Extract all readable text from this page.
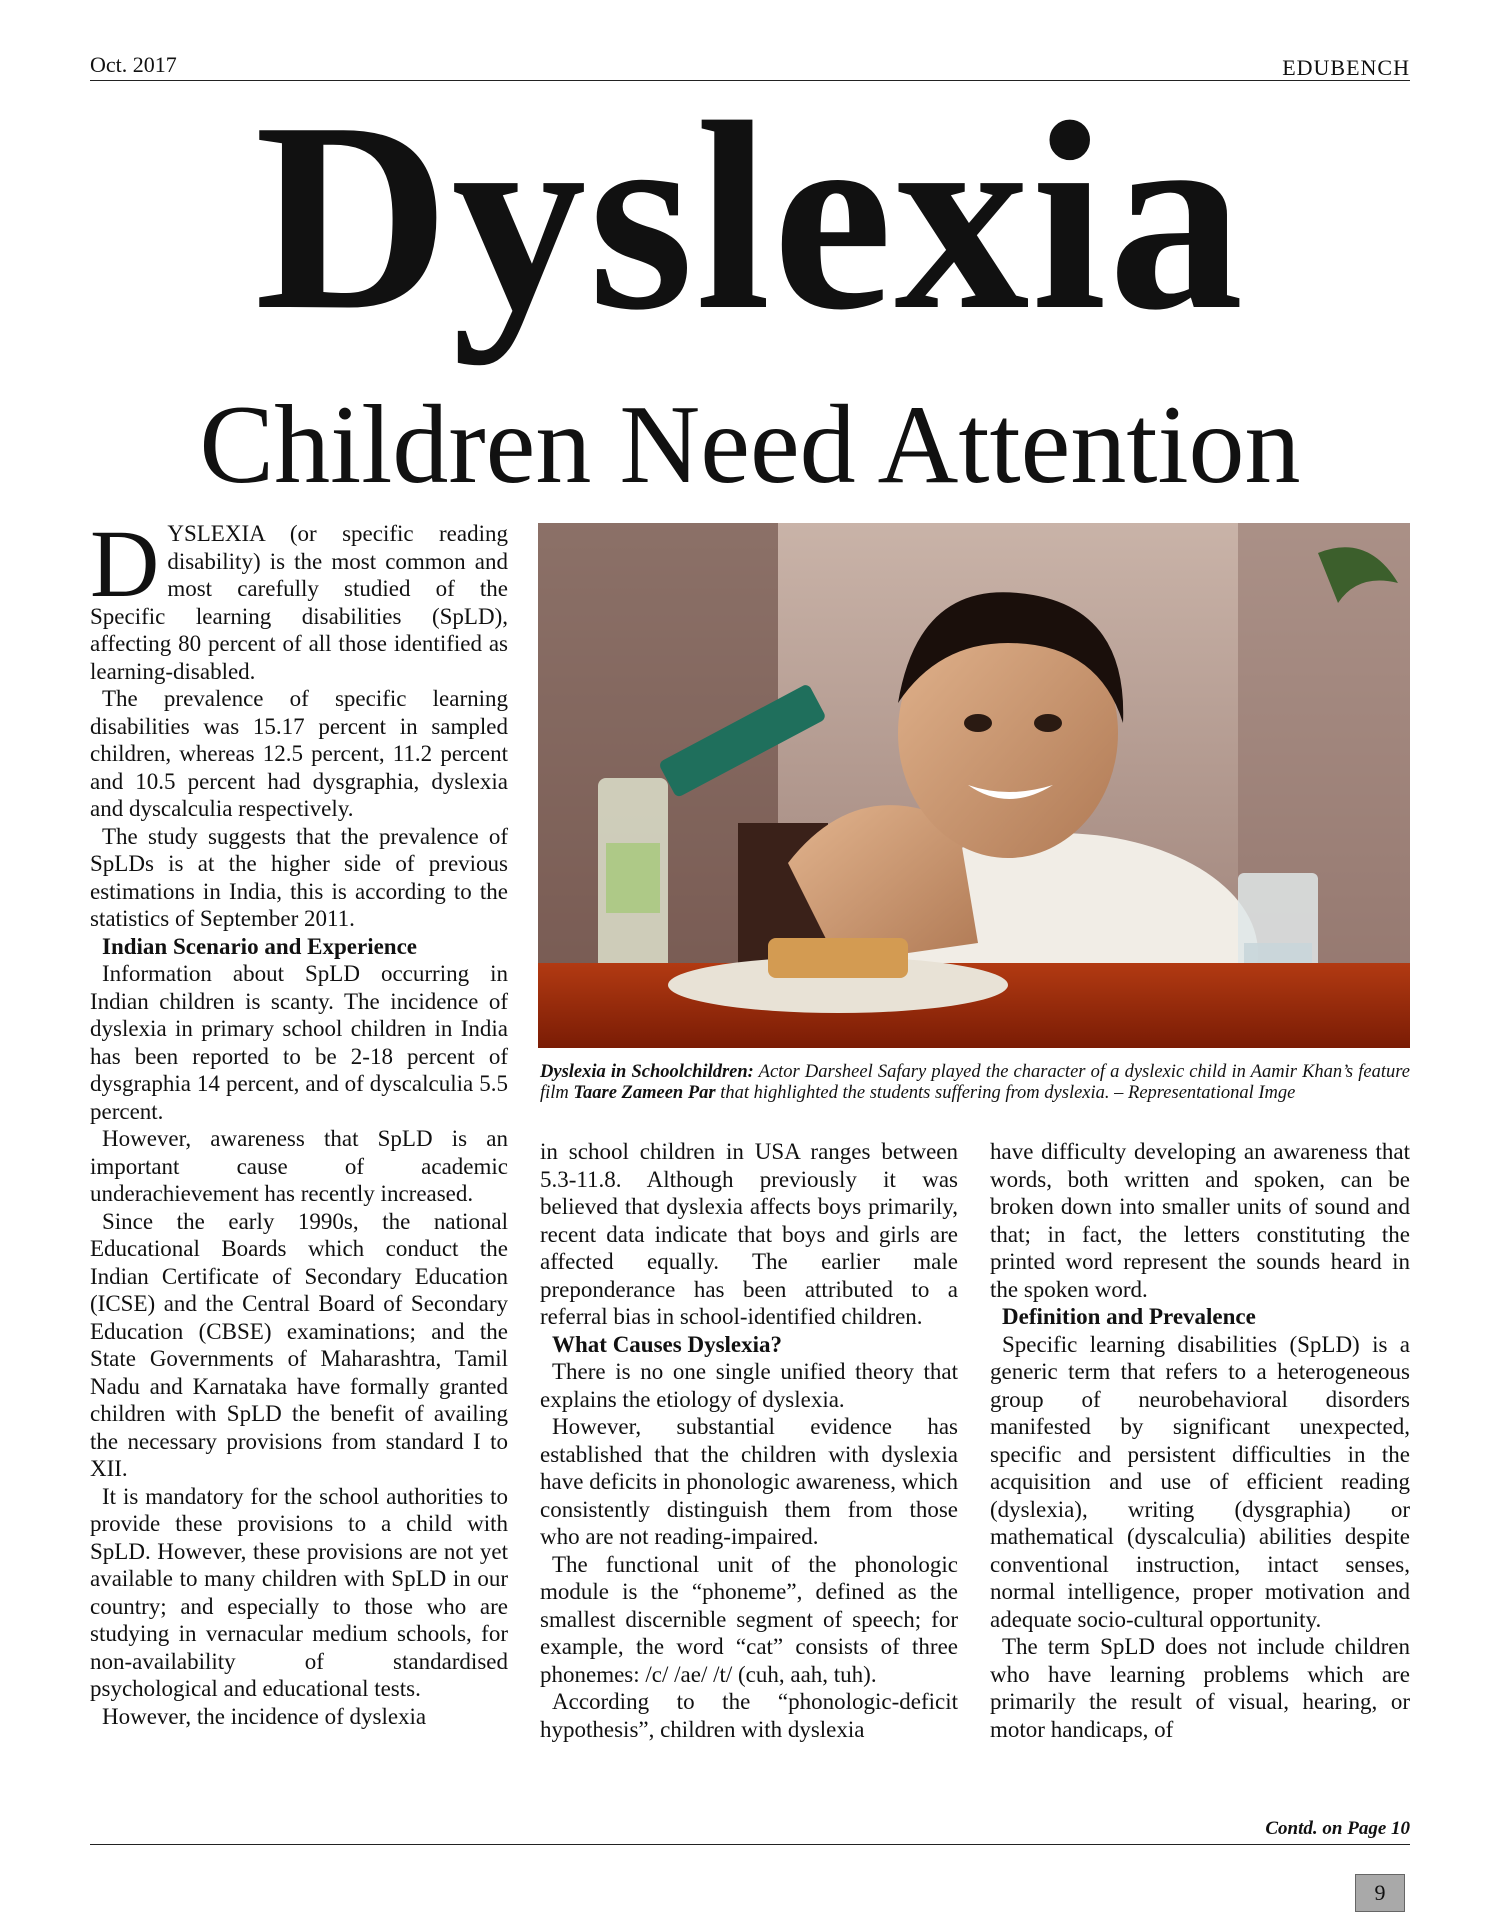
Oct. 2017	EDUBENCH
Dyslexia
Children Need Attention

DYSLEXIA (or specific reading disability) is the most common and most carefully studied of the Specific learning disabilities (SpLD), affecting 80 percent of all those identified as learning-disabled.

The prevalence of specific learning disabilities was 15.17 percent in sampled children, whereas 12.5 percent, 11.2 percent and 10.5 percent had dysgraphia, dyslexia and dyscalculia respectively.

The study suggests that the prevalence of SpLDs is at the higher side of previous estimations in India, this is according to the statistics of September 2011.

Indian Scenario and Experience

Information about SpLD occurring in Indian children is scanty. The incidence of dyslexia in primary school children in India has been reported to be 2-18 percent of dysgraphia 14 percent, and of dyscalculia 5.5 percent.

However, awareness that SpLD is an important cause of academic underachievement has recently increased.

Since the early 1990s, the national Educational Boards which conduct the Indian Certificate of Secondary Education (ICSE) and the Central Board of Secondary Education (CBSE) examinations; and the State Governments of Maharashtra, Tamil Nadu and Karnataka have formally granted children with SpLD the benefit of availing the necessary provisions from standard I to XII.

It is mandatory for the school authorities to provide these provisions to a child with SpLD. However, these provisions are not yet available to many children with SpLD in our country; and especially to those who are studying in vernacular medium schools, for non-availability of standardised psychological and educational tests.

However, the incidence of dyslexia

Dyslexia in Schoolchildren: Actor Darsheel Safary played the character of a dyslexic child in Aamir Khan’s feature film Taare Zameen Par that highlighted the students suffering from dyslexia. – Representational Imge

in school children in USA ranges between 5.3-11.8. Although previously it was believed that dyslexia affects boys primarily, recent data indicate that boys and girls are affected equally. The earlier male preponderance has been attributed to a referral bias in school-identified children.

What Causes Dyslexia?

There is no one single unified theory that explains the etiology of dyslexia.

However, substantial evidence has established that the children with dyslexia have deficits in phonologic awareness, which consistently distinguish them from those who are not reading-impaired.

The functional unit of the phonologic module is the “phoneme”, defined as the smallest discernible segment of speech; for example, the word “cat” consists of three phonemes: /c/ /ae/ /t/ (cuh, aah, tuh).

According to the “phonologic-deficit hypothesis”, children with dyslexia

have difficulty developing an awareness that words, both written and spoken, can be broken down into smaller units of sound and that; in fact, the letters constituting the printed word represent the sounds heard in the spoken word.

Definition and Prevalence

Specific learning disabilities (SpLD) is a generic term that refers to a heterogeneous group of neurobehavioral disorders manifested by significant unexpected, specific and persistent difficulties in the acquisition and use of efficient reading (dyslexia), writing (dysgraphia) or mathematical (dyscalculia) abilities despite conventional instruction, intact senses, normal intelligence, proper motivation and adequate socio-cultural opportunity.

The term SpLD does not include children who have learning problems which are primarily the result of visual, hearing, or motor handicaps, of

Contd. on Page 10
9
